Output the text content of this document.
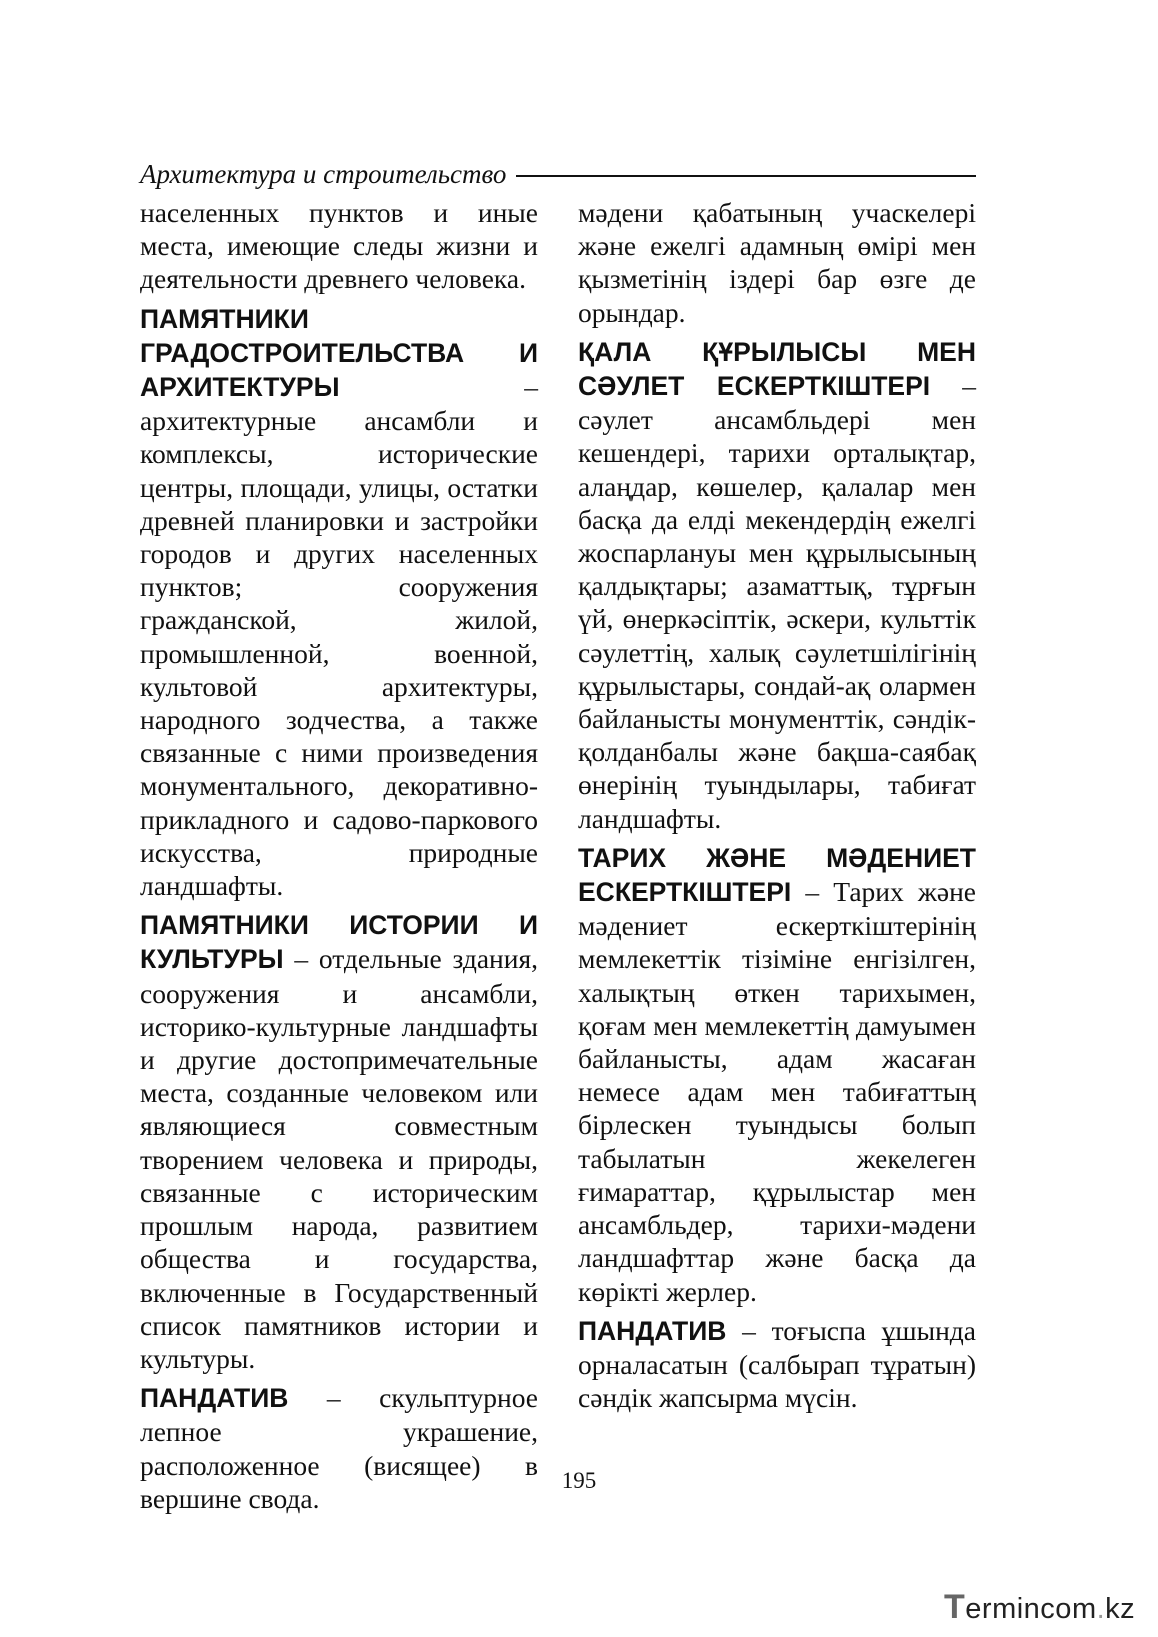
Архитектура и строительство

населенных пунктов и иные места, имеющие следы жизни и деятельности древнего человека.

ПАМЯТНИКИ ГРАДОСТРОИТЕЛЬСТВА И АРХИТЕКТУРЫ – архитектурные ансамбли и комплексы, исторические центры, площади, улицы, остатки древней планировки и застройки городов и других населенных пунктов; сооружения гражданской, жилой, промышленной, военной, культовой архитектуры, народного зодчества, а также связанные с ними произведения монументального, декоративно-прикладного и садово-паркового искусства, природные ландшафты.

ПАМЯТНИКИ ИСТОРИИ И КУЛЬТУРЫ – отдельные здания, сооружения и ансамбли, историко-культурные ландшафты и другие достопримечательные места, созданные человеком или являющиеся совместным творением человека и природы, связанные с историческим прошлым народа, развитием общества и государства, включенные в Государственный список памятников истории и культуры.

ПАНДАТИВ – скульптурное лепное украшение, расположенное (висящее) в вершине свода.

мәдени қабатының учаскелері және ежелгі адамның өмірі мен қызметінің іздері бар өзге де орындар.

ҚАЛА ҚҰРЫЛЫСЫ МЕН СӘУЛЕТ ЕСКЕРТКІШТЕРІ – сәулет ансамбльдері мен кешендері, тарихи орталықтар, алаңдар, көшелер, қалалар мен басқа да елді мекендердің ежелгі жоспарлануы мен құрылысының қалдықтары; азаматтық, тұрғын үй, өнеркәсіптік, әскери, культтік сәулеттің, халық сәулетшілігінің құрылыстары, сондай-ақ олармен байланысты монументтік, сәндік-қолданбалы және бақша-саябақ өнерінің туындылары, табиғат ландшафты.

ТАРИХ ЖӘНЕ МӘДЕНИЕТ ЕСКЕРТКІШТЕРІ – Тарих және мәдениет ескерткіштерінің мемлекеттік тізіміне енгізілген, халықтың өткен тарихымен, қоғам мен мемлекеттің дамуымен байланысты, адам жасаған немесе адам мен табиғаттың бірлескен туындысы болып табылатын жекелеген ғимараттар, құрылыстар мен ансамбльдер, тарихи-мәдени ландшафттар және басқа да көрікті жерлер.

ПАНДАТИВ – тоғыспа ұшында орналасатын (салбырап тұратын) сәндік жапсырма мүсін.

195
Termincom.kz
